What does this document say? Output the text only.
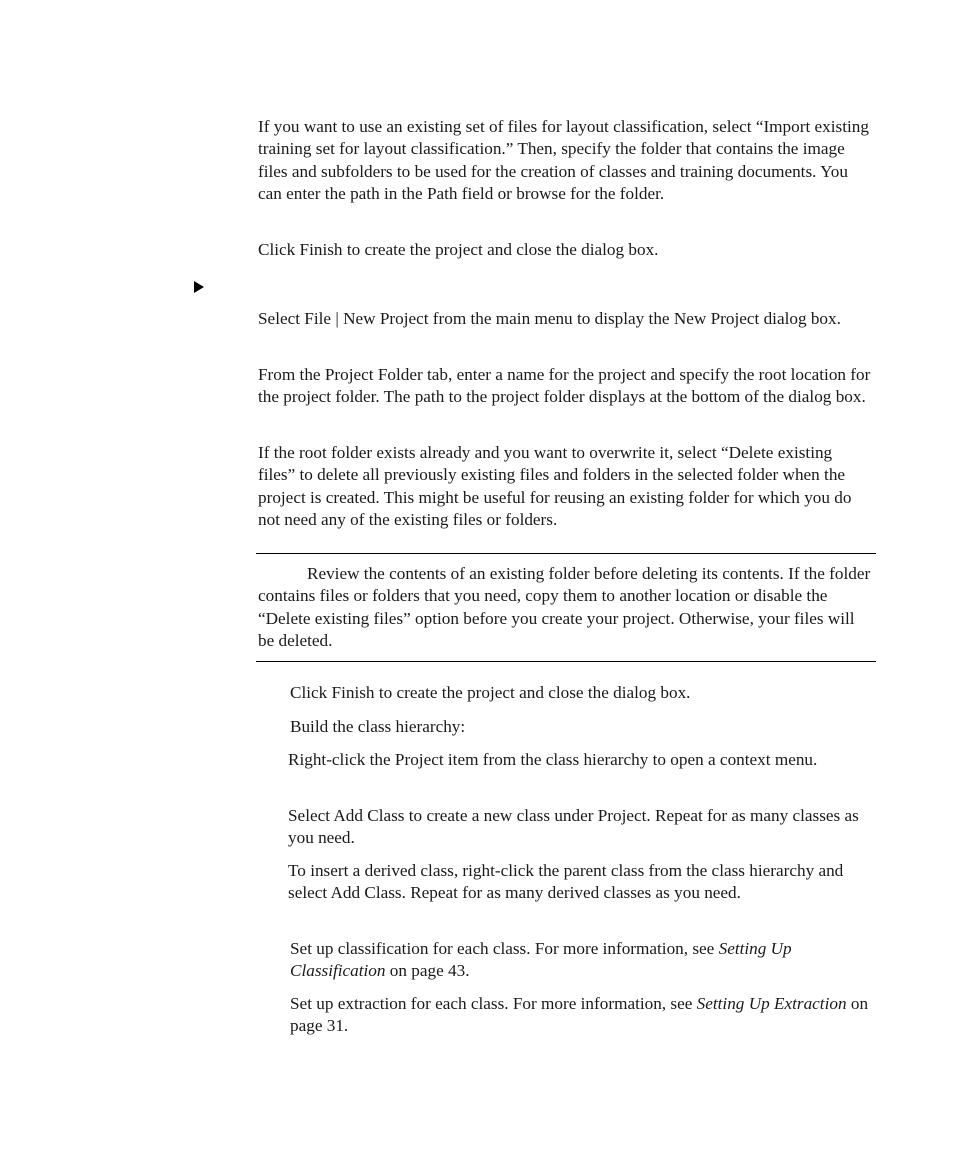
If you want to use an existing set of files for layout classification, select “Import existing training set for layout classification.” Then, specify the folder that contains the image files and subfolders to be used for the creation of classes and training documents. You can enter the path in the Path field or browse for the folder.

Click Finish to create the project and close the dialog box.

Select File | New Project from the main menu to display the New Project dialog box.

From the Project Folder tab, enter a name for the project and specify the root location for the project folder. The path to the project folder displays at the bottom of the dialog box.

If the root folder exists already and you want to overwrite it, select “Delete existing files” to delete all previously existing files and folders in the selected folder when the project is created. This might be useful for reusing an existing folder for which you do not need any of the existing files or folders.

Review the contents of an existing folder before deleting its contents. If the folder contains files or folders that you need, copy them to another location or disable the “Delete existing files” option before you create your project. Otherwise, your files will be deleted.

Click Finish to create the project and close the dialog box.

Build the class hierarchy:

Right-click the Project item from the class hierarchy to open a context menu.

Select Add Class to create a new class under Project. Repeat for as many classes as you need.

To insert a derived class, right-click the parent class from the class hierarchy and select Add Class. Repeat for as many derived classes as you need.

Set up classification for each class. For more information, see Setting Up Classification on page 43.

Set up extraction for each class. For more information, see Setting Up Extraction on page 31.
